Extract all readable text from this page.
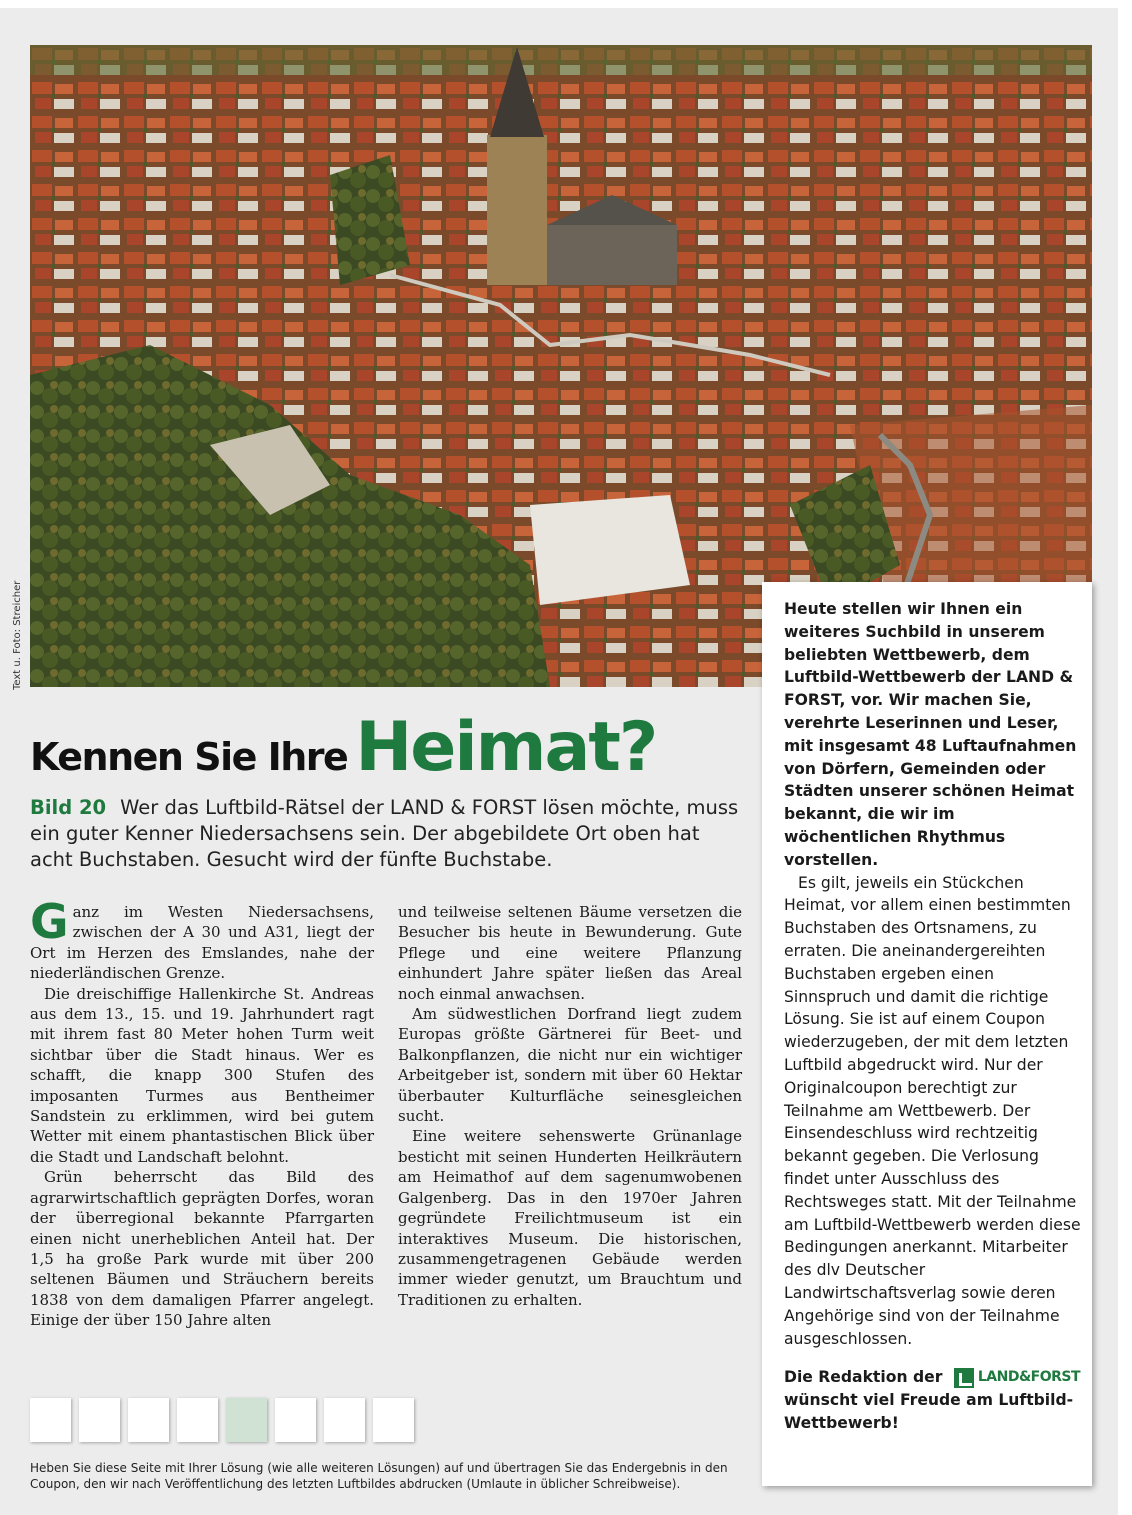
Text u. Foto: Streicher
Kennen Sie Ihre Heimat?
Bild 20 Wer das Luftbild-Rätsel der LAND & FORST lösen möchte, muss ein guter Kenner Niedersachsens sein. Der abgebildete Ort oben hat acht Buchstaben. Gesucht wird der fünfte Buchstabe.

Ganz im Westen Niedersachsens, zwischen der A 30 und A31, liegt der Ort im Herzen des Emslandes, nahe der niederländischen Grenze.

Die dreischiffige Hallenkirche St. Andreas aus dem 13., 15. und 19. Jahrhundert ragt mit ihrem fast 80 Meter hohen Turm weit sichtbar über die Stadt hinaus. Wer es schafft, die knapp 300 Stufen des imposanten Turmes aus Bentheimer Sandstein zu erklimmen, wird bei gutem Wetter mit einem phantastischen Blick über die Stadt und Landschaft belohnt.

Grün beherrscht das Bild des agrarwirtschaftlich geprägten Dorfes, woran der überregional bekannte Pfarrgarten einen nicht unerheblichen Anteil hat. Der 1,5 ha große Park wurde mit über 200 seltenen Bäumen und Sträuchern bereits 1838 von dem damaligen Pfarrer angelegt. Einige der über 150 Jahre alten

und teilweise seltenen Bäume versetzen die Besucher bis heute in Bewunderung. Gute Pflege und eine weitere Pflanzung einhundert Jahre später ließen das Areal noch einmal anwachsen.

Am südwestlichen Dorfrand liegt zudem Europas größte Gärtnerei für Beet- und Balkonpflanzen, die nicht nur ein wichtiger Arbeitgeber ist, sondern mit über 60 Hektar überbauter Kulturfläche seinesgleichen sucht.

Eine weitere sehenswerte Grünanlage besticht mit seinen Hunderten Heilkräutern am Heimathof auf dem sagenumwobenen Galgenberg. Das in den 1970er Jahren gegründete Freilichtmuseum ist ein interaktives Museum. Die historischen, zusammengetragenen Gebäude werden immer wieder genutzt, um Brauchtum und Traditionen zu erhalten.

Heute stellen wir Ihnen ein weiteres Suchbild in unserem beliebten Wettbewerb, dem Luftbild-Wettbewerb der LAND & FORST, vor. Wir machen Sie, verehrte Leserinnen und Leser, mit insgesamt 48 Luftaufnahmen von Dörfern, Gemeinden oder Städten unserer schönen Heimat bekannt, die wir im wöchentlichen Rhythmus vorstellen.

Es gilt, jeweils ein Stückchen Heimat, vor allem einen bestimmten Buchstaben des Ortsnamens, zu erraten. Die aneinandergereihten Buchstaben ergeben einen Sinnspruch und damit die richtige Lösung. Sie ist auf einem Coupon wiederzugeben, der mit dem letzten Luftbild abgedruckt wird. Nur der Originalcoupon berechtigt zur Teilnahme am Wettbewerb. Der Einsendeschluss wird rechtzeitig bekannt gegeben. Die Verlosung findet unter Ausschluss des Rechtsweges statt. Mit der Teilnahme am Luftbild-Wettbewerb werden diese Bedingungen anerkannt. Mitarbeiter des dlv Deutscher Landwirtschaftsverlag sowie deren Angehörige sind von der Teilnahme ausgeschlossen.

Die Redaktion der	LAND&FORST
wünscht viel Freude am Luftbild-Wettbewerb!
Heben Sie diese Seite mit Ihrer Lösung (wie alle weiteren Lösungen) auf und übertragen Sie das Endergebnis in den Coupon, den wir nach Veröffentlichung des letzten Luftbildes abdrucken (Umlaute in üblicher Schreibweise).
